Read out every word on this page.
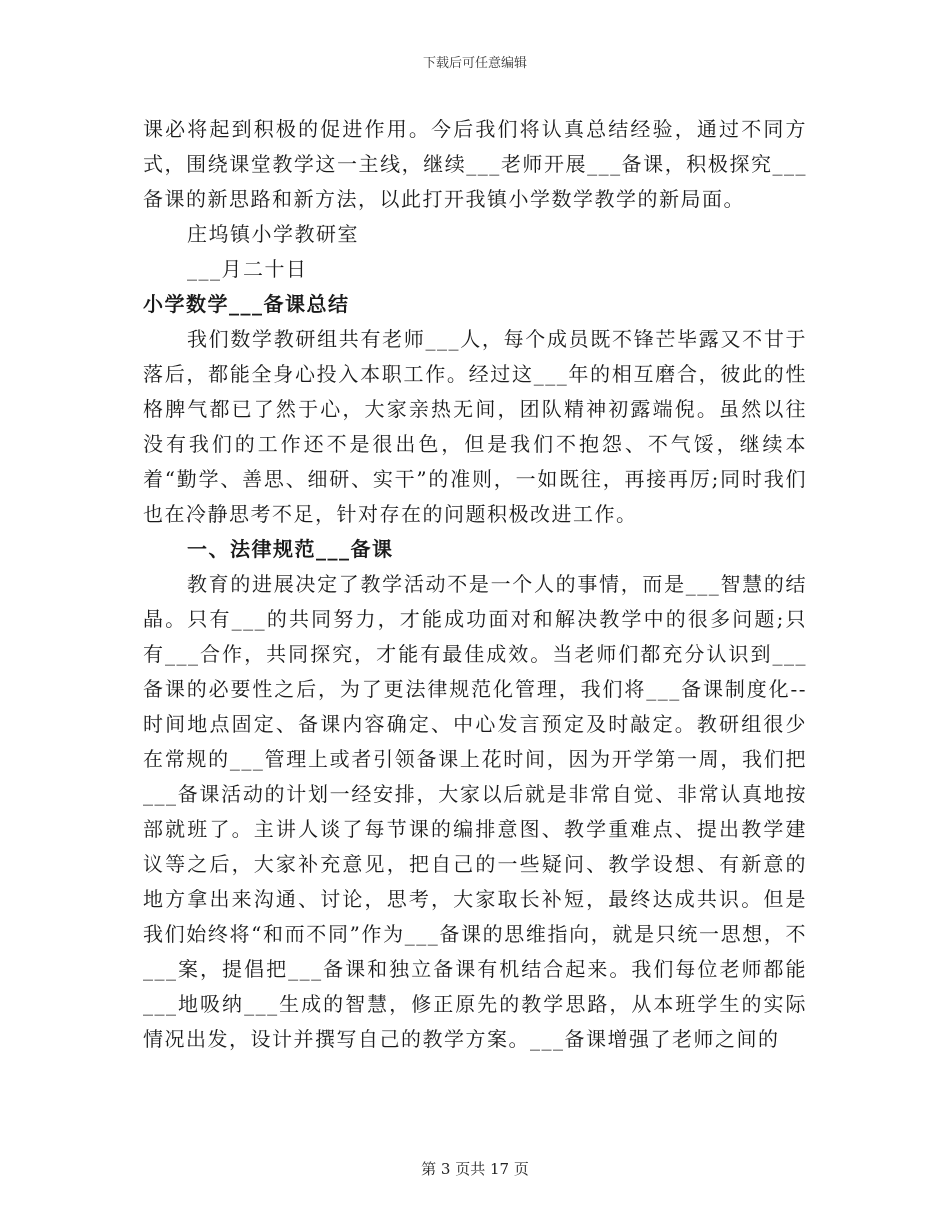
下载后可任意编辑

课必将起到积极的促进作用。今后我们将认真总结经验，通过不同方式，围绕课堂教学这一主线，继续___老师开展___备课，积极探究___备课的新思路和新方法，以此打开我镇小学数学教学的新局面。

庄坞镇小学教研室

___月二十日

小学数学___备课总结

我们数学教研组共有老师___人，每个成员既不锋芒毕露又不甘于落后，都能全身心投入本职工作。经过这___年的相互磨合，彼此的性格脾气都已了然于心，大家亲热无间，团队精神初露端倪。虽然以往没有我们的工作还不是很出色，但是我们不抱怨、不气馁，继续本着“勤学、善思、细研、实干”的准则，一如既往，再接再厉;同时我们也在冷静思考不足，针对存在的问题积极改进工作。

一、法律规范___备课

教育的进展决定了教学活动不是一个人的事情，而是___智慧的结晶。只有___的共同努力，才能成功面对和解决教学中的很多问题;只有___合作，共同探究，才能有最佳成效。当老师们都充分认识到___备课的必要性之后，为了更法律规范化管理，我们将___备课制度化--时间地点固定、备课内容确定、中心发言预定及时敲定。教研组很少在常规的___管理上或者引领备课上花时间，因为开学第一周，我们把___备课活动的计划一经安排，大家以后就是非常自觉、非常认真地按部就班了。主讲人谈了每节课的编排意图、教学重难点、提出教学建议等之后，大家补充意见，把自己的一些疑问、教学设想、有新意的地方拿出来沟通、讨论，思考，大家取长补短，最终达成共识。但是我们始终将“和而不同”作为___备课的思维指向，就是只统一思想，不___案，提倡把___备课和独立备课有机结合起来。我们每位老师都能___地吸纳___生成的智慧，修正原先的教学思路，从本班学生的实际情况出发，设计并撰写自己的教学方案。___备课增强了老师之间的

第 3 页共 17 页
